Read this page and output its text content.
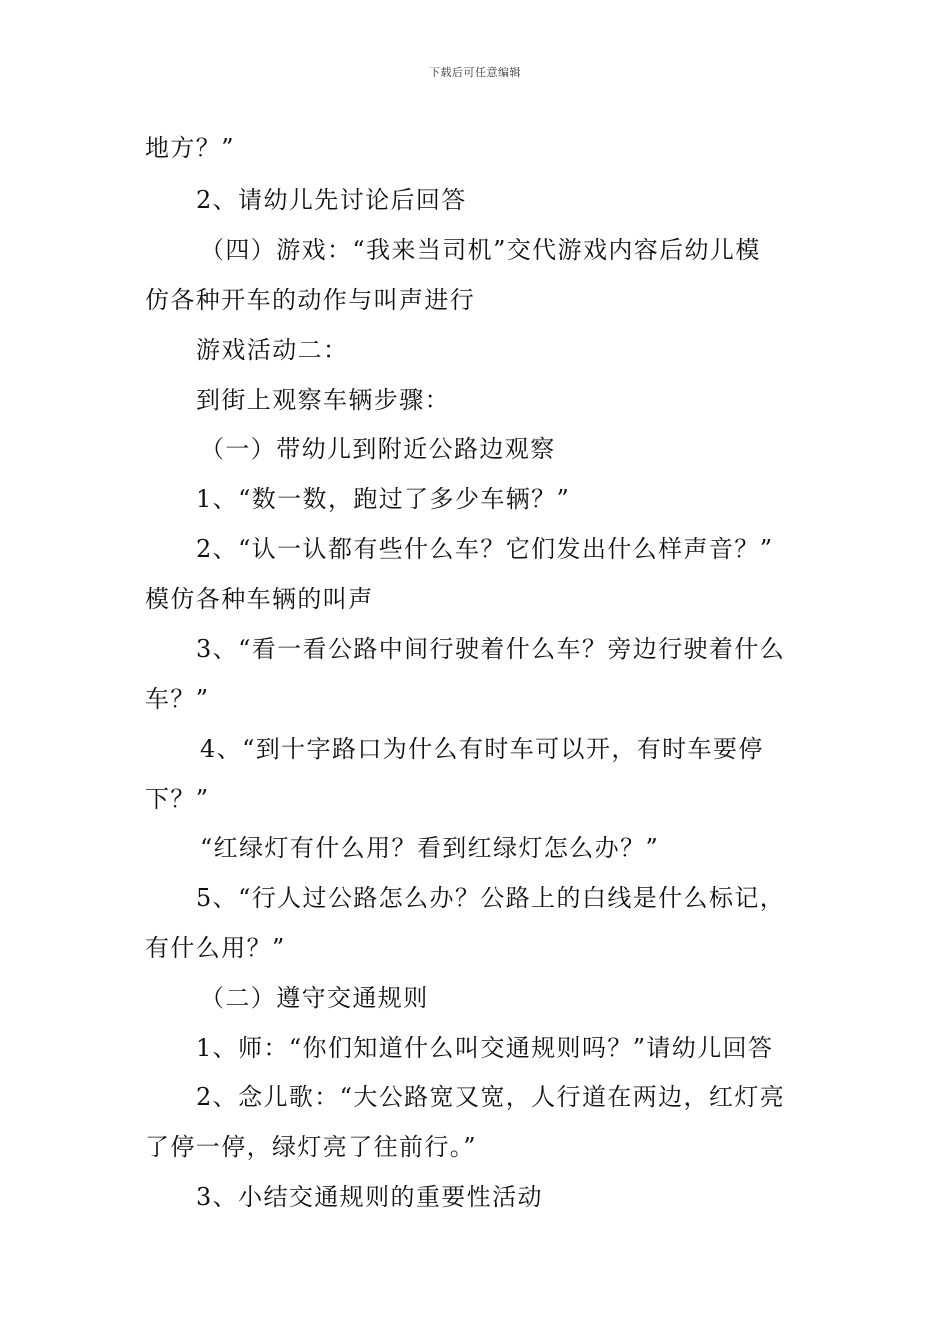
下载后可任意编辑
地方？”
2、请幼儿先讨论后回答
（四）游戏：“我来当司机”交代游戏内容后幼儿模
仿各种开车的动作与叫声进行
游戏活动二：
到街上观察车辆步骤：
（一）带幼儿到附近公路边观察
1、“数一数，跑过了多少车辆？”
2、“认一认都有些什么车？它们发出什么样声音？”
模仿各种车辆的叫声
3、“看一看公路中间行驶着什么车？旁边行驶着什么
车？”
4、“到十字路口为什么有时车可以开，有时车要停
下？”
“红绿灯有什么用？看到红绿灯怎么办？”
5、“行人过公路怎么办？公路上的白线是什么标记，
有什么用？”
（二）遵守交通规则
1、师：“你们知道什么叫交通规则吗？”请幼儿回答
2、念儿歌：“大公路宽又宽，人行道在两边，红灯亮
了停一停，绿灯亮了往前行。”
3、小结交通规则的重要性活动
